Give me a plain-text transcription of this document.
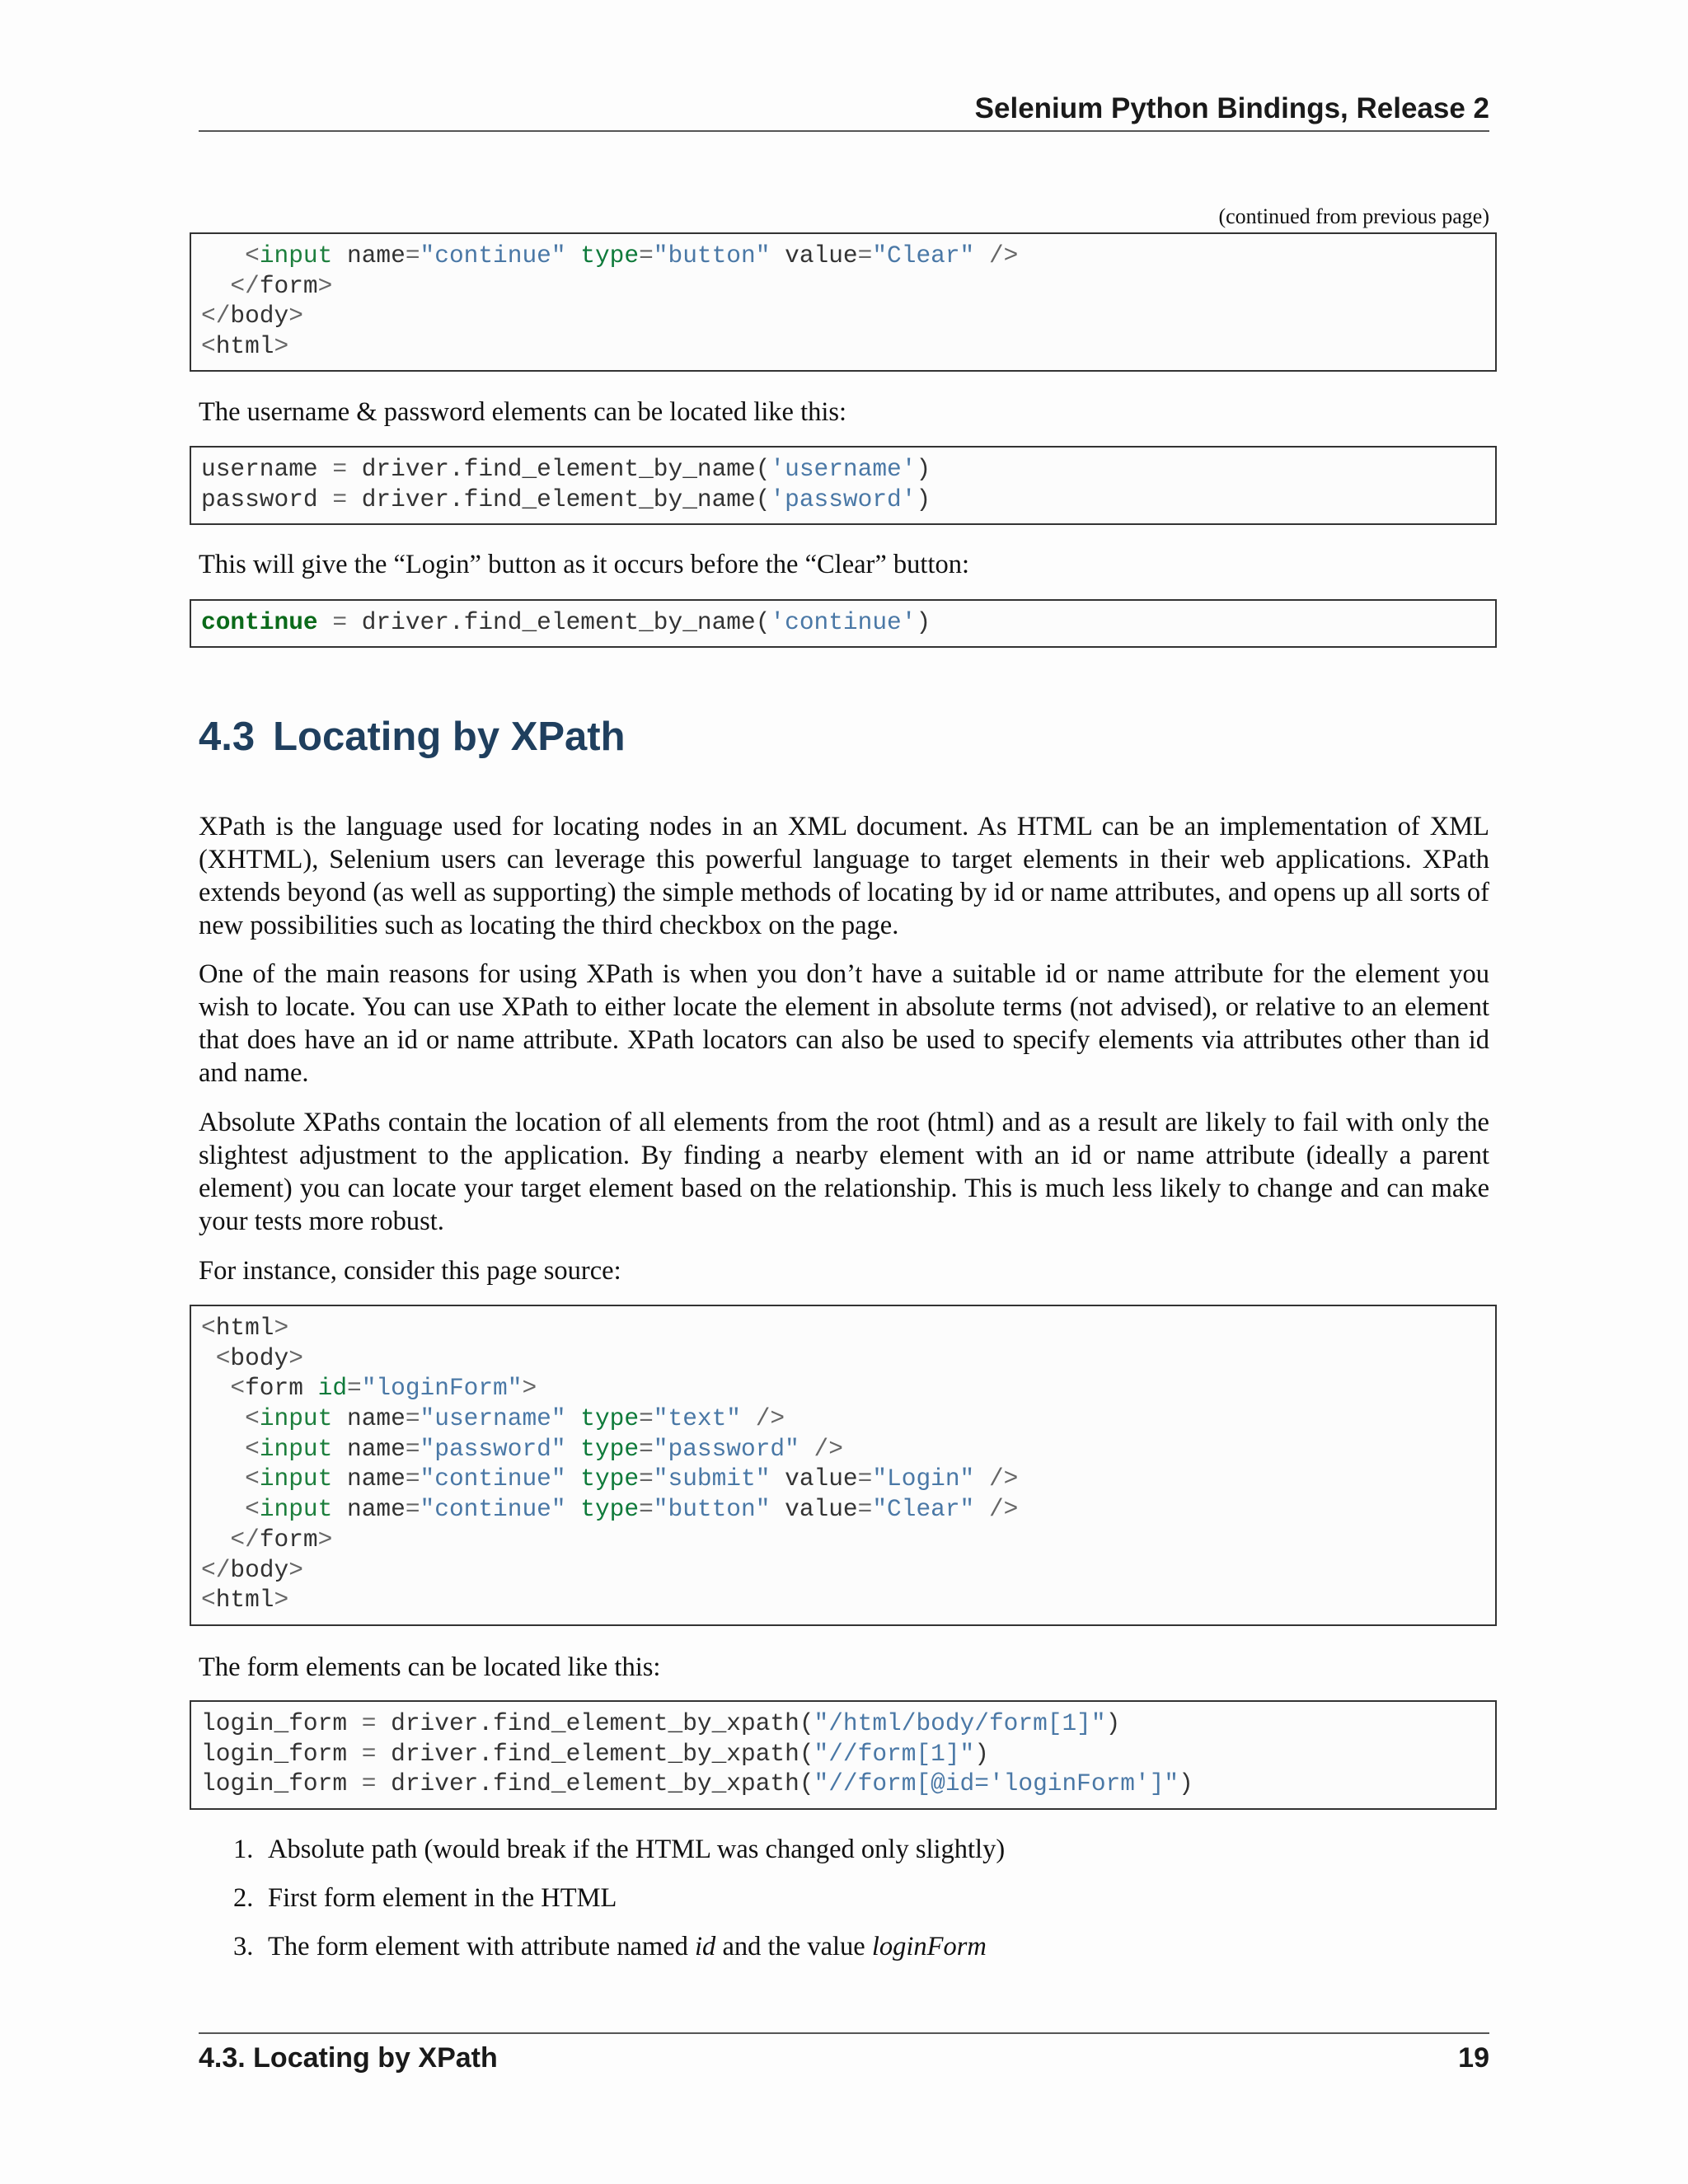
Selenium Python Bindings, Release 2
(continued from previous page)
<input name="continue" type="button" value="Clear" />
</form>
</body>
<html>
The username & password elements can be located like this:
username = driver.find_element_by_name('username')
password = driver.find_element_by_name('password')
This will give the “Login” button as it occurs before the “Clear” button:
continue = driver.find_element_by_name('continue')
4.3 Locating by XPath
XPath is the language used for locating nodes in an XML document. As HTML can be an implementation of XML (XHTML), Selenium users can leverage this powerful language to target elements in their web applications. XPath extends beyond (as well as supporting) the simple methods of locating by id or name attributes, and opens up all sorts of new possibilities such as locating the third checkbox on the page.
One of the main reasons for using XPath is when you don’t have a suitable id or name attribute for the element you wish to locate. You can use XPath to either locate the element in absolute terms (not advised), or relative to an element that does have an id or name attribute. XPath locators can also be used to specify elements via attributes other than id and name.
Absolute XPaths contain the location of all elements from the root (html) and as a result are likely to fail with only the slightest adjustment to the application. By finding a nearby element with an id or name attribute (ideally a parent element) you can locate your target element based on the relationship. This is much less likely to change and can make your tests more robust.
For instance, consider this page source:
<html>
<body>
<form id="loginForm">
<input name="username" type="text" />
<input name="password" type="password" />
<input name="continue" type="submit" value="Login" />
<input name="continue" type="button" value="Clear" />
</form>
</body>
<html>
The form elements can be located like this:
login_form = driver.find_element_by_xpath("/html/body/form[1]")
login_form = driver.find_element_by_xpath("//form[1]")
login_form = driver.find_element_by_xpath("//form[@id='loginForm']")
1. Absolute path (would break if the HTML was changed only slightly)
2. First form element in the HTML
3. The form element with attribute named id and the value loginForm
4.3. Locating by XPath	19
